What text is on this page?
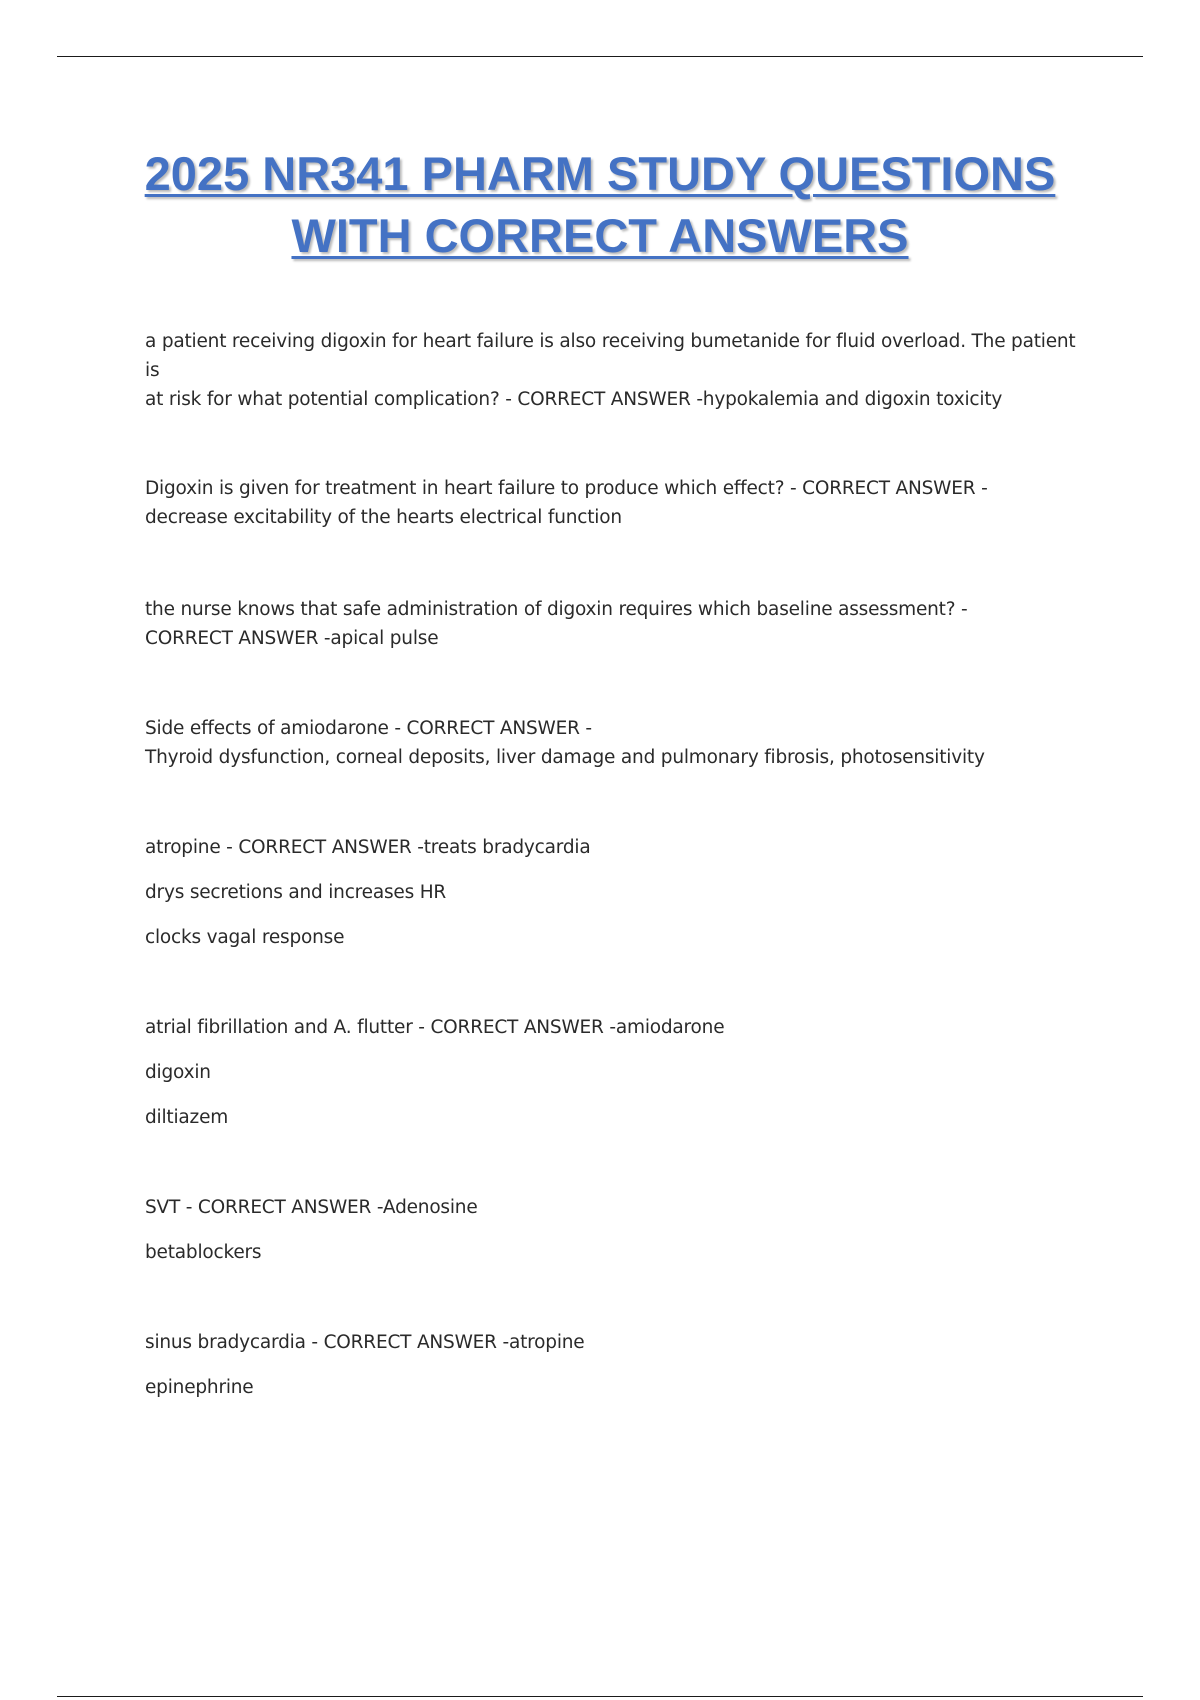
2025 NR341 PHARM STUDY QUESTIONS
WITH CORRECT ANSWERS

a patient receiving digoxin for heart failure is also receiving bumetanide for fluid overload. The patient is
at risk for what potential complication? - CORRECT ANSWER -hypokalemia and digoxin toxicity

Digoxin is given for treatment in heart failure to produce which effect? - CORRECT ANSWER -
decrease excitability of the hearts electrical function

the nurse knows that safe administration of digoxin requires which baseline assessment? -
CORRECT ANSWER -apical pulse

Side effects of amiodarone - CORRECT ANSWER -
Thyroid dysfunction, corneal deposits, liver damage and pulmonary fibrosis, photosensitivity

atropine - CORRECT ANSWER -treats bradycardia

drys secretions and increases HR

clocks vagal response

atrial fibrillation and A. flutter - CORRECT ANSWER -amiodarone

digoxin

diltiazem

SVT - CORRECT ANSWER -Adenosine

betablockers

sinus bradycardia - CORRECT ANSWER -atropine

epinephrine
